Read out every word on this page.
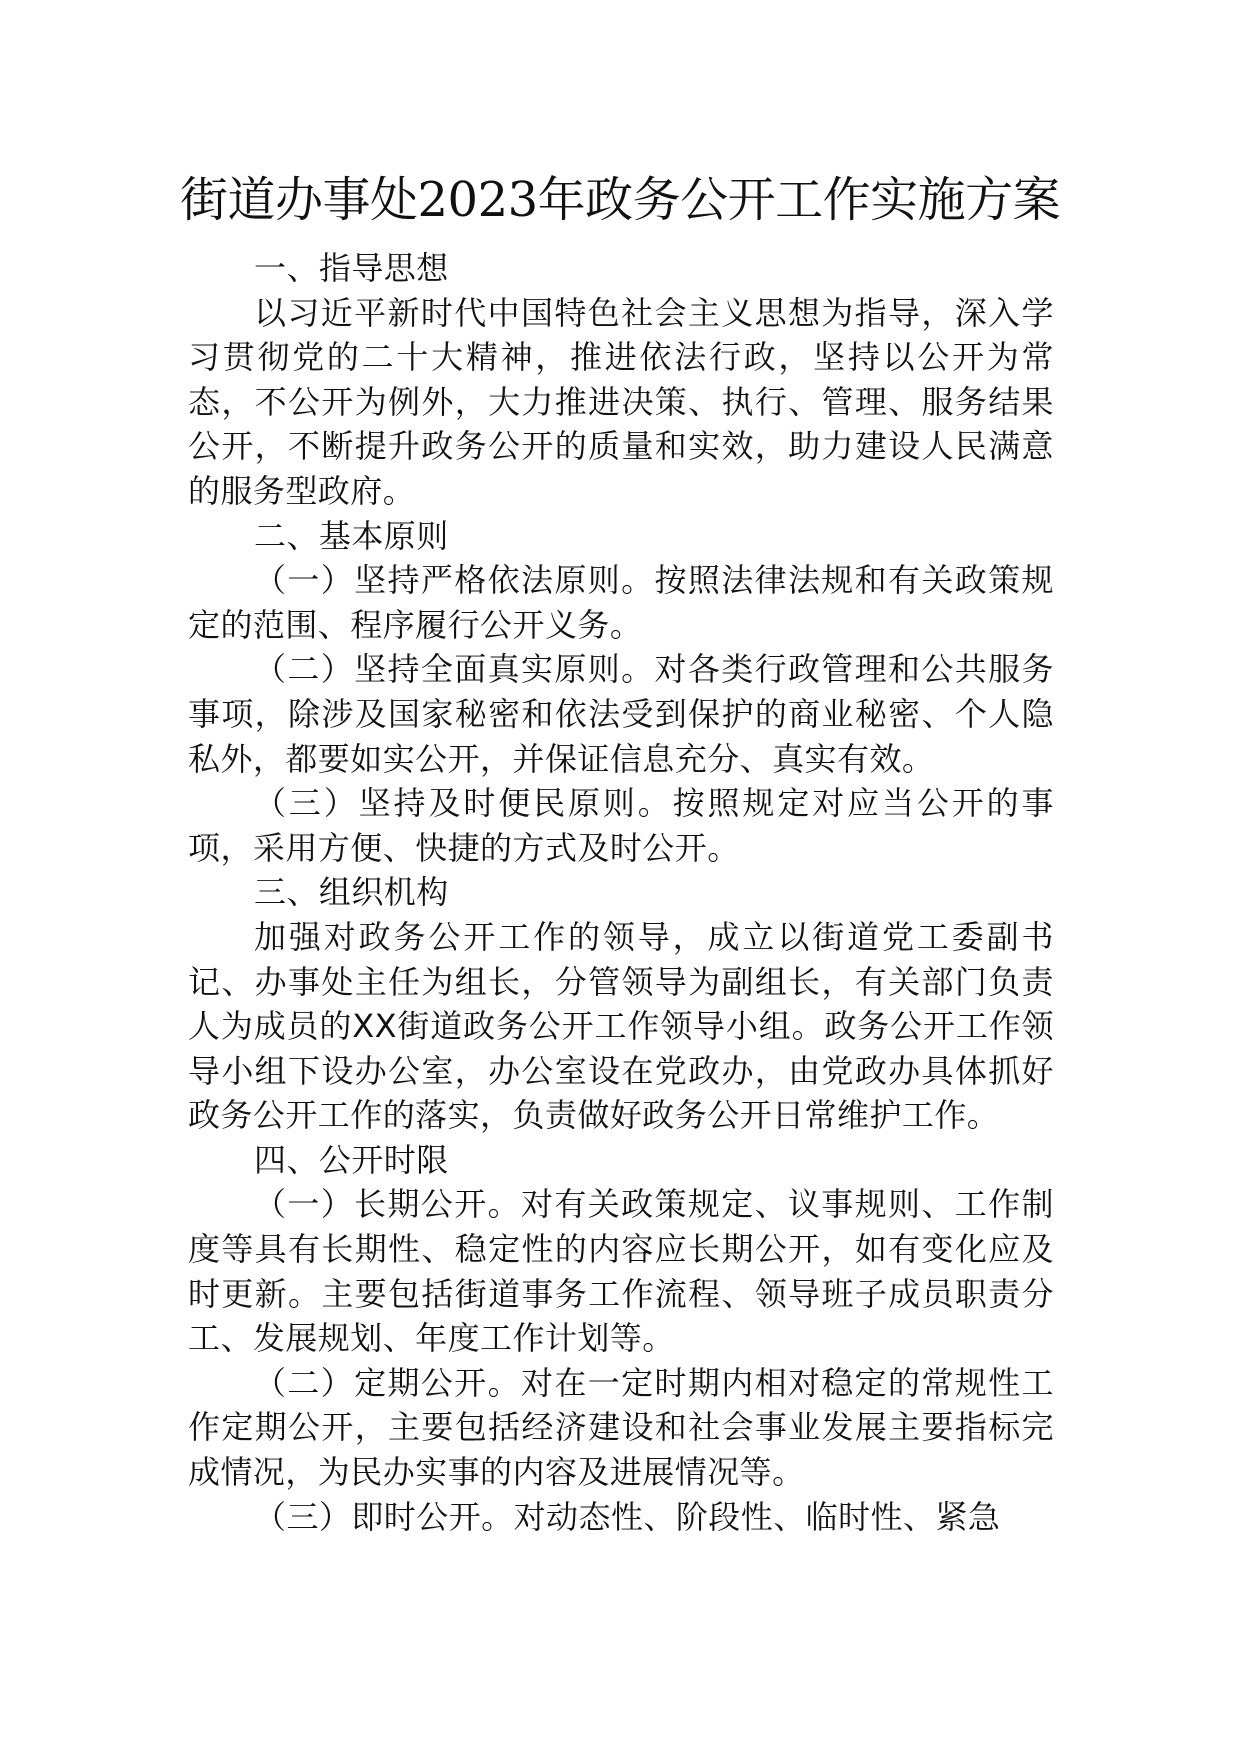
街道办事处2023年政务公开工作实施方案

一、指导思想

以习近平新时代中国特色社会主义思想为指导，深入学习贯彻党的二十大精神，推进依法行政，坚持以公开为常态，不公开为例外，大力推进决策、执行、管理、服务结果公开，不断提升政务公开的质量和实效，助力建设人民满意的服务型政府。

二、基本原则

（一）坚持严格依法原则。按照法律法规和有关政策规定的范围、程序履行公开义务。

（二）坚持全面真实原则。对各类行政管理和公共服务事项，除涉及国家秘密和依法受到保护的商业秘密、个人隐私外，都要如实公开，并保证信息充分、真实有效。

（三）坚持及时便民原则。按照规定对应当公开的事项，采用方便、快捷的方式及时公开。

三、组织机构

加强对政务公开工作的领导，成立以街道党工委副书记、办事处主任为组长，分管领导为副组长，有关部门负责人为成员的XX街道政务公开工作领导小组。政务公开工作领导小组下设办公室，办公室设在党政办，由党政办具体抓好政务公开工作的落实，负责做好政务公开日常维护工作。

四、公开时限

（一）长期公开。对有关政策规定、议事规则、工作制度等具有长期性、稳定性的内容应长期公开，如有变化应及时更新。主要包括街道事务工作流程、领导班子成员职责分工、发展规划、年度工作计划等。

（二）定期公开。对在一定时期内相对稳定的常规性工作定期公开，主要包括经济建设和社会事业发展主要指标完成情况，为民办实事的内容及进展情况等。

（三）即时公开。对动态性、阶段性、临时性、紧急
